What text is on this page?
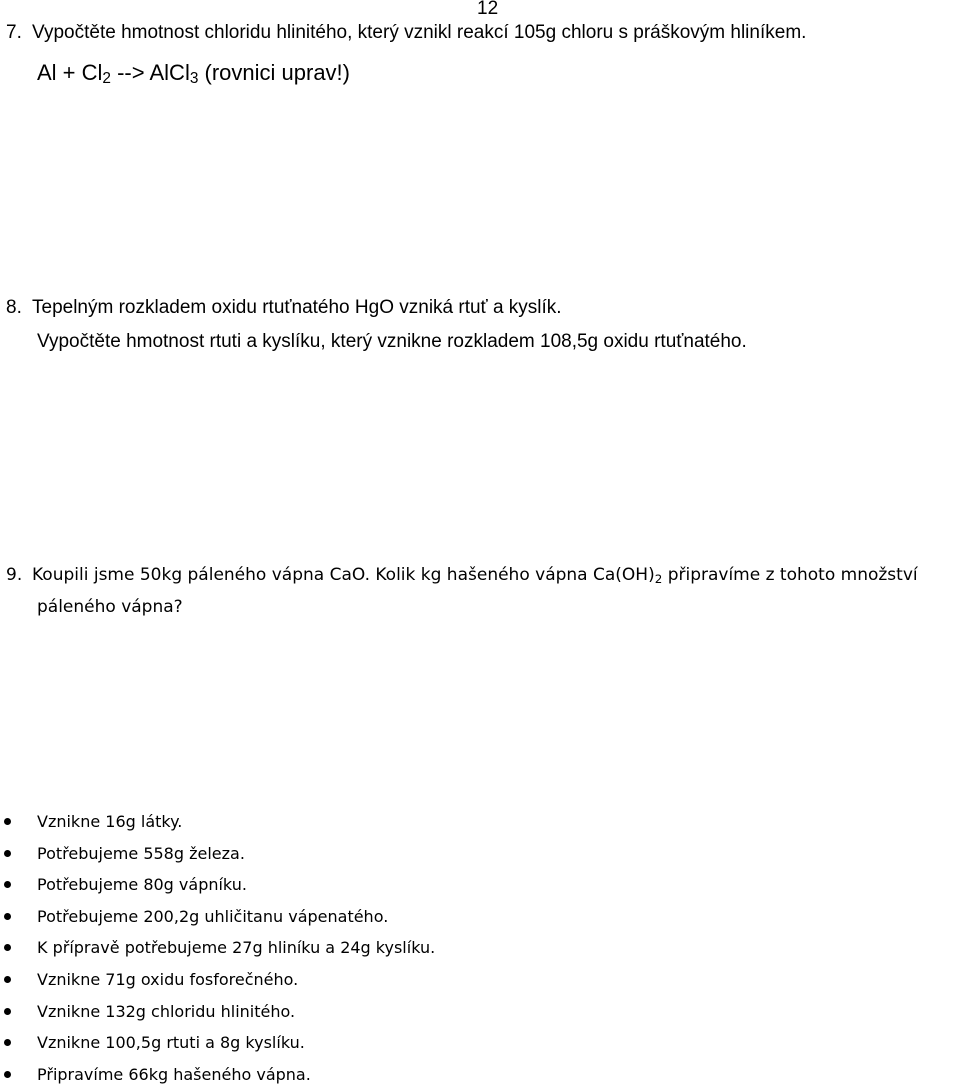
12
7. Vypočtěte hmotnost chloridu hlinitého, který vznikl reakcí 105g chloru s práškovým hliníkem.
$Al + Cl_2$ --> AlCl$_3$ (rovnici uprav!)
8. Tepelným rozkladem oxidu rtuťnatého HgO vzniká rtuť a kyslík.
Vypočtěte hmotnost rtuti a kyslíku, který vznikne rozkladem 108,5g oxidu rtuťnatého.
9. Koupili jsme 50kg páleného vápna CaO. Kolik kg hašeného vápna $Ca(OH)_2$ připravíme z tohoto množství
páleného vápna?
Vznikne 16g látky.
Potřebujeme 558g železa.
Potřebujeme 80g vápníku.
Potřebujeme 200,2g uhličitanu vápenatého.
K přípravě potřebujeme 27g hliníku a 24g kyslíku.
Vznikne 71g oxidu fosforečného.
Vznikne 132g chloridu hlinitého.
Vznikne 100,5g rtuti a 8g kyslíku.
Připravíme 66kg hašeného vápna.
